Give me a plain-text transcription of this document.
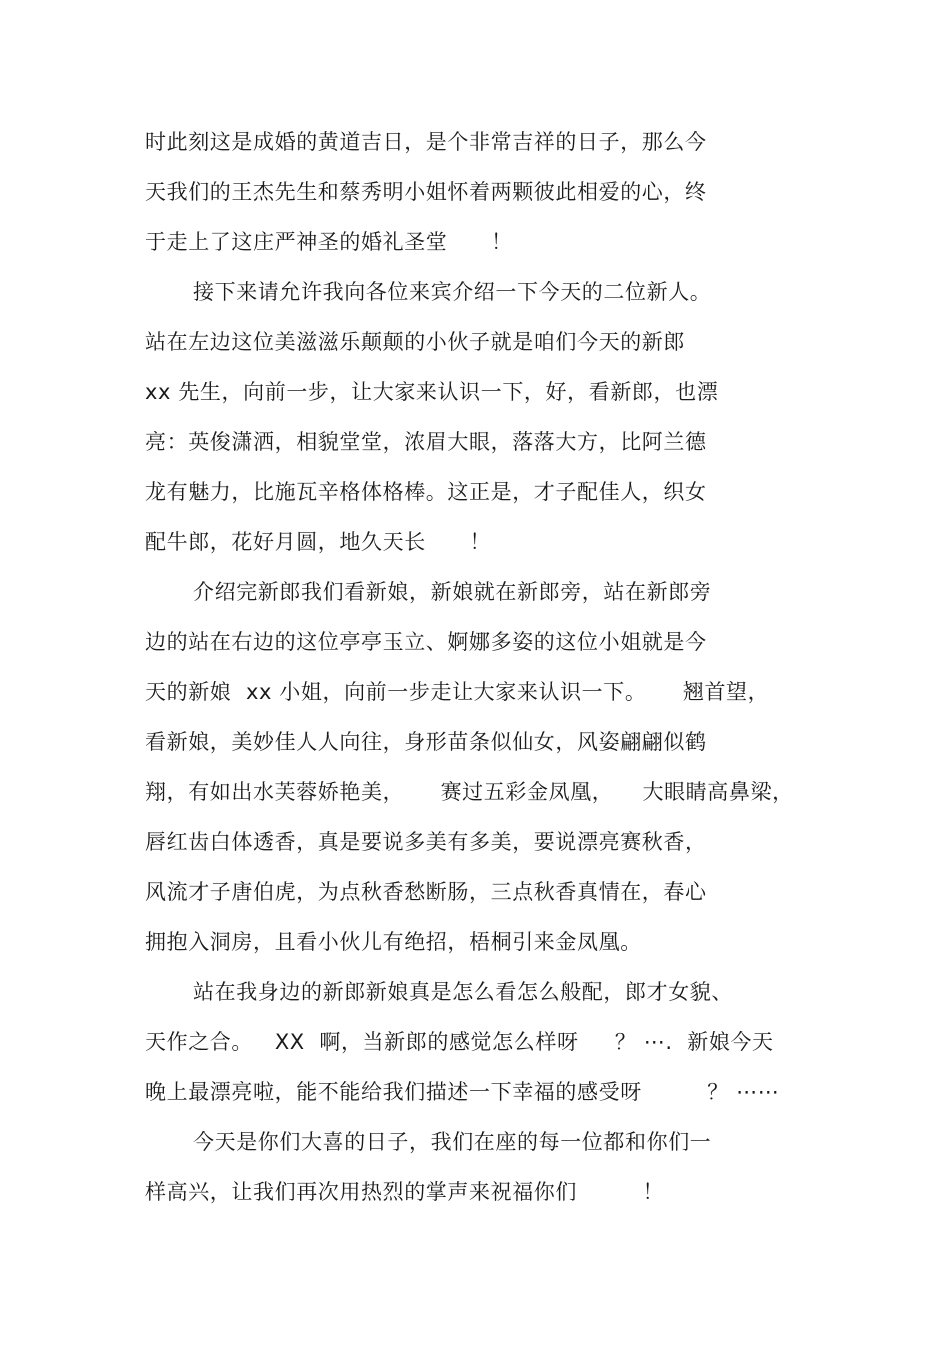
时此刻这是成婚的黄道吉日，是个非常吉祥的日子，那么今
天我们的王杰先生和蔡秀明小姐怀着两颗彼此相爱的心，终
于走上了这庄严神圣的婚礼圣堂      ！
接下来请允许我向各位来宾介绍一下今天的二位新人。
站在左边这位美滋滋乐颠颠的小伙子就是咱们今天的新郎
xx 先生，向前一步，让大家来认识一下，好，看新郎，也漂
亮：英俊潇洒，相貌堂堂，浓眉大眼，落落大方，比阿兰德
龙有魅力，比施瓦辛格体格棒。这正是，才子配佳人，织女
配牛郎，花好月圆，地久天长      ！
介绍完新郎我们看新娘，新娘就在新郎旁，站在新郎旁
边的站在右边的这位亭亭玉立、婀娜多姿的这位小姐就是今
天的新娘  xx 小姐，向前一步走让大家来认识一下。     翘首望，
看新娘，美妙佳人人向往，身形苗条似仙女，风姿翩翩似鹤
翔，有如出水芙蓉娇艳美，     赛过五彩金凤凰，    大眼睛高鼻梁，
唇红齿白体透香，真是要说多美有多美，要说漂亮赛秋香，
风流才子唐伯虎，为点秋香愁断肠，三点秋香真情在，春心
拥抱入洞房，且看小伙儿有绝招，梧桐引来金凤凰。
站在我身边的新郎新娘真是怎么看怎么般配，郎才女貌、
天作之合。   XX  啊，当新郎的感觉怎么样呀     ？ ⋯.  新娘今天
晚上最漂亮啦，能不能给我们描述一下幸福的感受呀         ？ ⋯⋯
今天是你们大喜的日子，我们在座的每一位都和你们一
样高兴，让我们再次用热烈的掌声来祝福你们         ！
